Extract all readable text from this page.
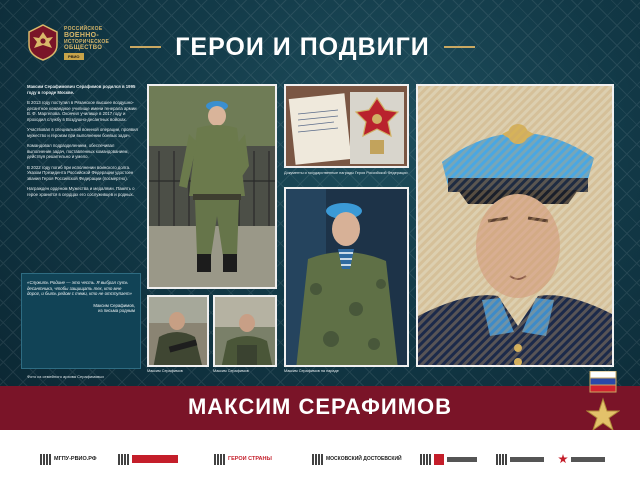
РОССИЙСКОЕ
ВОЕННО-
ИСТОРИЧЕСКОЕ
ОБЩЕСТВО
РВИО	ГЕРОИ И ПОДВИГИ

Максим Серафимович Серафимов родился в 1995 году в городе Москве.

В 2013 году поступил в Рязанское высшее воздушно-десантное командное училище имени генерала армии В. Ф. Маргелова. Окончил училище в 2017 году и проходил службу в Воздушно-десантных войсках.

Участвовал в специальной военной операции, проявил мужество и героизм при выполнении боевых задач.

Командовал подразделением, обеспечивал выполнение задач, поставленных командованием, действуя решительно и умело.

В 2022 году погиб при исполнении воинского долга. Указом Президента Российской Федерации удостоен звания Героя Российской Федерации (посмертно).

Награжден орденом Мужества и медалями. Память о герое хранится в сердцах его сослуживцев и родных.

«Служить Родине — это честь. Я выбрал путь десантника, чтобы защищать тех, кто мне дорог, и быть рядом с теми, кто не отступает»
Максим Серафимов,
из письма родным
Фото из семейного архива Серафимовых
Документы и государственные награды Героя Российской Федерации
Максим Серафимов на параде
Максим Серафимов	Максим Серафимов
МАКСИМ СЕРАФИМОВ
МГПУ-РВИО.РФ	ГЕРОИ СТРАНЫ	МОСКОВСКИЙ ДОСТОЕВСКИЙ
